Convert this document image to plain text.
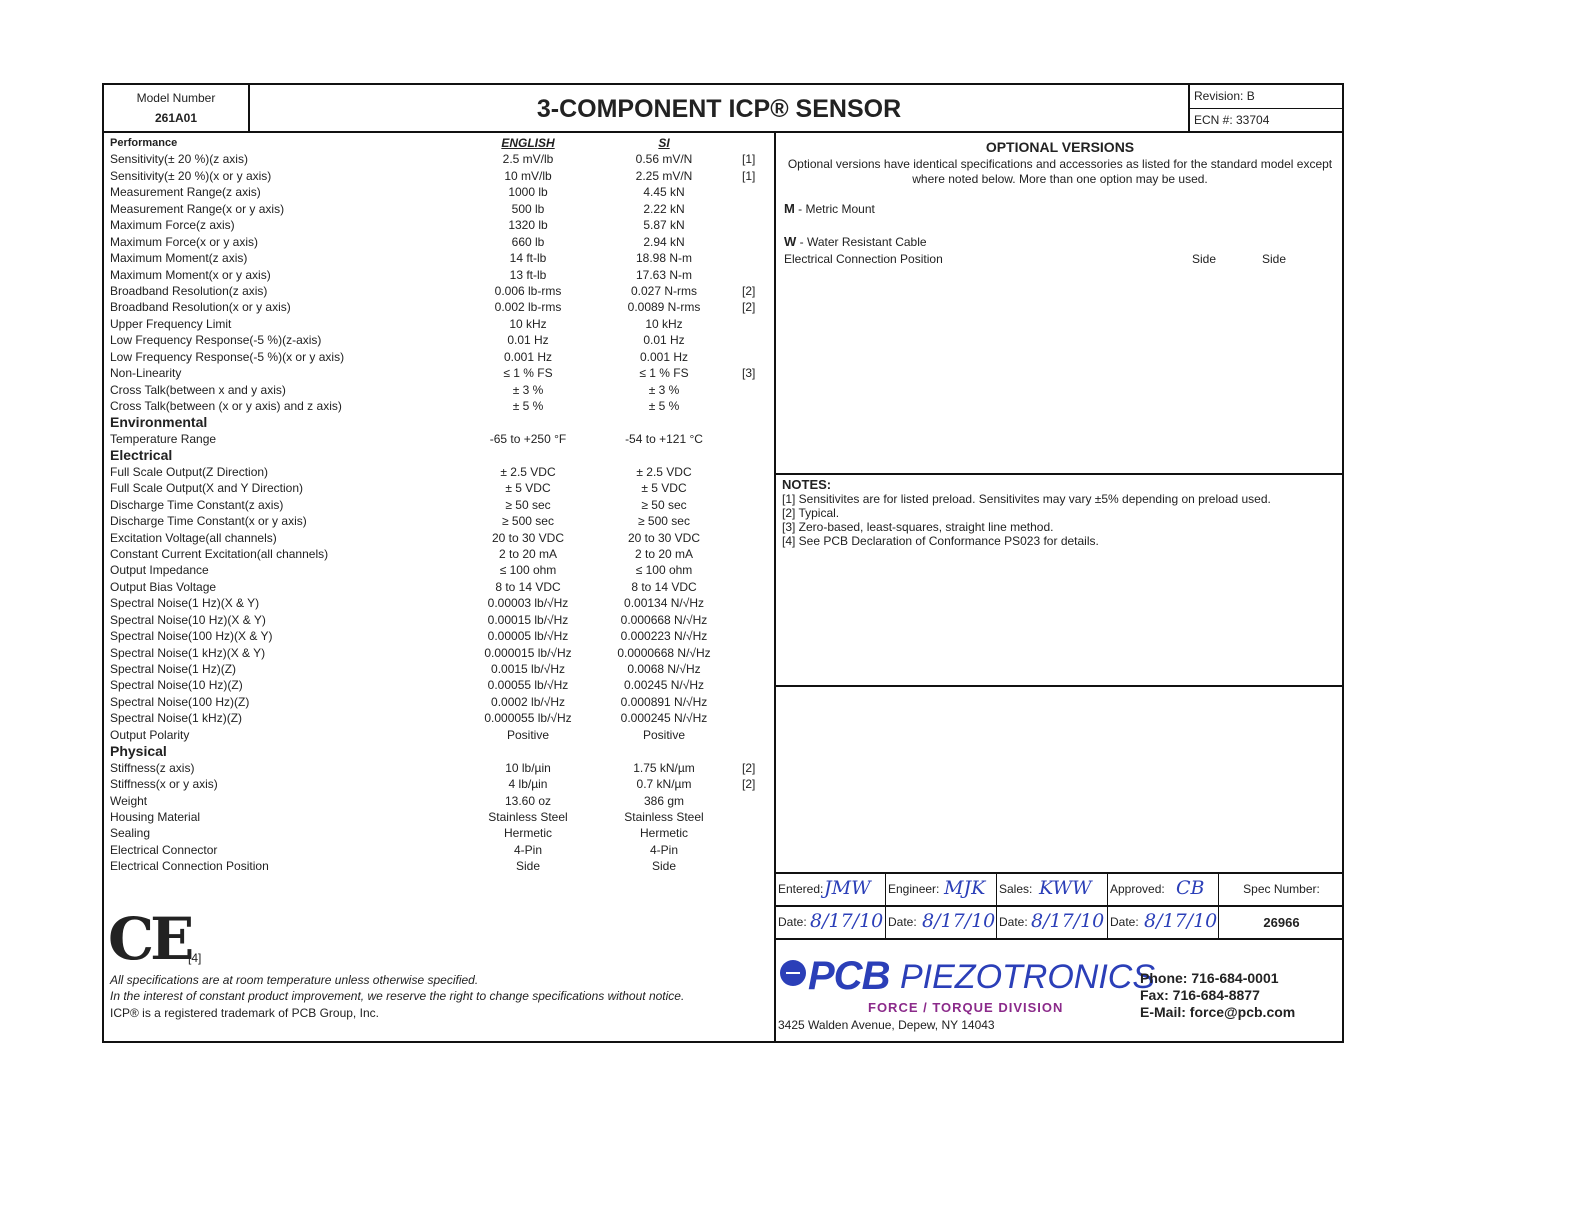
Model Number
261A01	3-COMPONENT ICP® SENSOR	Revision: B
ECN #: 33704
Performance	ENGLISH	SI
Sensitivity(± 20 %)(z axis)	2.5 mV/lb	0.56 mV/N	[1]
Sensitivity(± 20 %)(x or y axis)	10 mV/lb	2.25 mV/N	[1]
Measurement Range(z axis)	1000 lb	4.45 kN
Measurement Range(x or y axis)	500 lb	2.22 kN
Maximum Force(z axis)	1320 lb	5.87 kN
Maximum Force(x or y axis)	660 lb	2.94 kN
Maximum Moment(z axis)	14 ft-lb	18.98 N-m
Maximum Moment(x or y axis)	13 ft-lb	17.63 N-m
Broadband Resolution(z axis)	0.006 lb-rms	0.027 N-rms	[2]
Broadband Resolution(x or y axis)	0.002 lb-rms	0.0089 N-rms	[2]
Upper Frequency Limit	10 kHz	10 kHz
Low Frequency Response(-5 %)(z-axis)	0.01 Hz	0.01 Hz
Low Frequency Response(-5 %)(x or y axis)	0.001 Hz	0.001 Hz
Non-Linearity	≤ 1 % FS	≤ 1 % FS	[3]
Cross Talk(between x and y axis)	± 3 %	± 3 %
Cross Talk(between (x or y axis) and z axis)	± 5 %	± 5 %
Environmental
Temperature Range	-65 to +250 °F	-54 to +121 °C
Electrical
Full Scale Output(Z Direction)	± 2.5 VDC	± 2.5 VDC
Full Scale Output(X and Y Direction)	± 5 VDC	± 5 VDC
Discharge Time Constant(z axis)	≥ 50 sec	≥ 50 sec
Discharge Time Constant(x or y axis)	≥ 500 sec	≥ 500 sec
Excitation Voltage(all channels)	20 to 30 VDC	20 to 30 VDC
Constant Current Excitation(all channels)	2 to 20 mA	2 to 20 mA
Output Impedance	≤ 100 ohm	≤ 100 ohm
Output Bias Voltage	8 to 14 VDC	8 to 14 VDC
Spectral Noise(1 Hz)(X & Y)	0.00003 lb/√Hz	0.00134 N/√Hz
Spectral Noise(10 Hz)(X & Y)	0.00015 lb/√Hz	0.000668 N/√Hz
Spectral Noise(100 Hz)(X & Y)	0.00005 lb/√Hz	0.000223 N/√Hz
Spectral Noise(1 kHz)(X & Y)	0.000015 lb/√Hz	0.0000668 N/√Hz
Spectral Noise(1 Hz)(Z)	0.0015 lb/√Hz	0.0068 N/√Hz
Spectral Noise(10 Hz)(Z)	0.00055 lb/√Hz	0.00245 N/√Hz
Spectral Noise(100 Hz)(Z)	0.0002 lb/√Hz	0.000891 N/√Hz
Spectral Noise(1 kHz)(Z)	0.000055 lb/√Hz	0.000245 N/√Hz
Output Polarity	Positive	Positive
Physical
Stiffness(z axis)	10 lb/µin	1.75 kN/µm	[2]
Stiffness(x or y axis)	4 lb/µin	0.7 kN/µm	[2]
Weight	13.60 oz	386 gm
Housing Material	Stainless Steel	Stainless Steel
Sealing	Hermetic	Hermetic
Electrical Connector	4-Pin	4-Pin
Electrical Connection Position	Side	Side
OPTIONAL VERSIONS
Optional versions have identical specifications and accessories as listed for the standard model except where noted below. More than one option may be used.
M - Metric Mount
W - Water Resistant Cable
Electrical Connection Position	Side	Side
NOTES:
[1] Sensitivites are for listed preload. Sensitivites may vary ±5% depending on preload used.
[2] Typical.
[3] Zero-based, least-squares, straight line method.
[4] See PCB Declaration of Conformance PS023 for details.
Entered: JMW Engineer: MJK Sales: KWW Approved: CB	Spec Number:
Date: 8/17/10 Date: 8/17/10 Date: 8/17/10 Date: 8/17/10	26966
PCB PIEZOTRONICS
FORCE / TORQUE DIVISION
3425 Walden Avenue, Depew, NY 14043
Phone: 716-684-0001
Fax: 716-684-8877
E-Mail: force@pcb.com
CE
[4]
All specifications are at room temperature unless otherwise specified.
In the interest of constant product improvement, we reserve the right to change specifications without notice.
ICP® is a registered trademark of PCB Group, Inc.
